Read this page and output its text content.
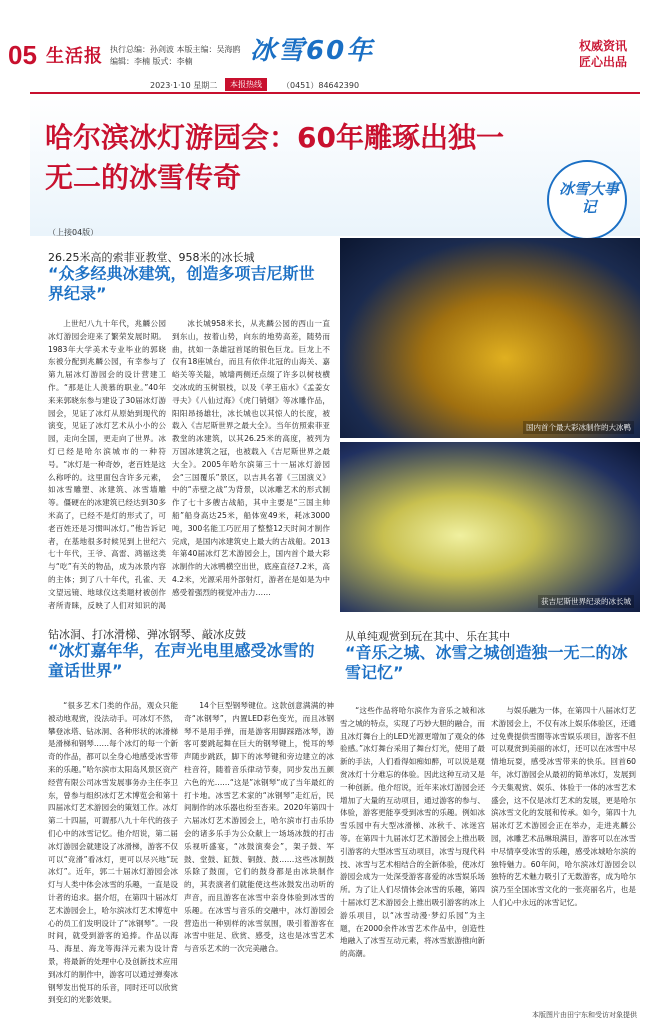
05 生活报 执行总编：孙剑波 本版主编：吴海鸥
编辑：李楠 版式：李楠	冰雪60年	权威资讯
匠心出品
2023·1·10 星期二	本报热线	（0451）84642390
哈尔滨冰灯游园会：60年雕琢出独一无二的冰雪传奇	冰雪大事记
（上接04版）
26.25米高的索菲亚教堂、958米的冰长城
“众多经典冰建筑，创造多项吉尼斯世界纪录”
上世纪八九十年代，兆麟公园冰灯游园会迎来了繁荣发展时期。1983年大学美术专业毕业的郭晓东被分配到兆麟公园，有幸参与了第九届冰灯游园会的设计营建工作。“那是让人羡慕的职业。”40年来来郭晓东参与建设了30届冰灯游园会，见证了冰灯从原始到现代的演变，见证了冰灯艺术从小小的公园，走向全国，更走向了世界。冰灯已经是哈尔滨城市的一种符号。“冰灯是一种奇妙，老百姓是这么称呼的。这里面包含许多元素，如冰雪雕塑、冰建筑、冰雪墙雕等。僵硬在的冰建筑已经达到30多米高了，已经不是灯的形式了，可老百姓还是习惯叫冰灯。”他告诉记者，在基地很多时候见到上世纪六七十年代，王爷、高雷、鸿福这类与“吃”有关的物品，成为冰景内容的主体；到了八十年代，孔雀、天文望远镜、地球仪这类题材被创作者所青睐，反映了人们对知识的渴
冰长城958米长，从兆麟公园的西山一直到东山，按着山势，向东的地势高差，随势而曲，扰如一条雄冠首尾的银色巨龙。巨龙上不仅有18座城台，而且有依伴北冠的山海关、嘉峪关等关隘，城墙两侧还点缀了许多以树枝横交冰成的玉树银枝，以及《孝王庙水》《孟姜女寻夫》《八仙过海》《虎门销烟》等冰雕作品，阳阳昂扬雄壮，冰长城也以其惊人的长度，被载入《吉尼斯世界之最大全》。当年仿照索菲亚教堂的冰建筑，以其26.25米的高度，被列为万国冰建筑之冠，也被载入《吉尼斯世界之最大全》。2005年哈尔滨第三十一届冰灯游园会“三国覆乐”景区，以吉具名著《三国演义》中的“赤壁之战”为背景，以冰雕艺术的形式制作了七十多艘古战船，其中主要是“三国主帅船”船身高达25米，船体宽49米，耗冰3000吨，300名能工巧匠用了整整12天时间才制作完成，是国内冰建筑史上最大的古战船。2013年第40届冰灯艺术游园会上，国内首个最大彩冰制作的大冰鸭横空出世，底座直径7.2米，高4.2米，光源采用外部射灯，游者在是如是为中感受着强烈的视觉冲击力……
国内首个最大彩冰制作的大冰鸭
获吉尼斯世界纪录的冰长城
钻冰洞、打冰滑梯、弹冰钢琴、敲冰皮鼓
“冰灯嘉年华，在声光电里感受冰雪的童话世界”
从单纯观赏到玩在其中、乐在其中
“音乐之城、冰雪之城创造独一无二的冰雪记忆”
“很多艺术门类的作品，观众只能被动地观赏，没法动手。可冰灯不然，攀登冰塔、钻冰洞、各种形状的冰滑梯是滑梯和钢琴……每个冰灯的每一个新奇的作品，都可以全身心地感受冰雪带来的乐趣。”哈尔滨市太阳岛风景区资产经营有限公司冰雪发展事务办主任李卫东，曾参与组织冰灯艺术博览会和第十四届冰灯艺术游园会的策划工作。冰灯第二十四届，可谓那八九十年代的孩子们心中的冰雪记忆。他介绍说，第二届冰灯游园会就建设了冰滑梯，游客不仅可以“竞滑”看冰灯，更可以尽兴地“玩冰灯”。近年，郭二十届冰灯游园会冰灯与人类中体会冰雪的乐趣，一直是设计者的追求。据介绍，在第四十届冰灯艺术游园会上，哈尔滨冰灯艺术博览中心的员工们发明设计了“冰钢琴”。一段时间，就受到游客的追捧。作品以海马、海星、海龙等海洋元素为设计背景，将最新的处理中心及创新技术应用到冰灯的制作中，游客可以通过弹奏冰钢琴发出悦耳的乐音，同时还可以欣赏到变幻的光影效果。
14个巨型钢琴键位。这款创意满满的神奇“冰钢琴”，内置LED彩色变光，而且冰钢琴不是用手弹，而是游客用脚踩踏冰琴，游客可要跳起舞在巨大的钢琴键上，悦耳的琴声随步跳跃，脚下的冰琴键和旁边建立的冰柱音符，随着音乐律动节奏，同步发出五颜六色的光……“这是”冰钢琴“成了当年最红的打卡地。冰雪艺术家的“冰钢琴”走红后，民间制作的冰乐器也纷至沓来。2020年第四十六届冰灯艺术游园会上，哈尔滨市打击乐协会的诸多乐手为公众献上一场场冰鼓的打击乐视听盛宴，“冰鼓演奏会”，架子鼓、军鼓、堂鼓、缸鼓、铜鼓、鼓……这些冰制鼓乐除了鼓面，它们的鼓身都是由冰块制作的，其表演者们就能使这些冰鼓发出动听的声音，而且游客在冰雪中亲身体验到冰雪的乐趣。在冰雪与音乐的交融中，冰灯游园会营造出一种别样的冰雪氛围，吸引着游客在冰雪中驻足、欣赏、感受，这也是冰雪艺术与音乐艺术的一次完美融合。
“这些作品将哈尔滨作为音乐之城和冰雪之城的特点，实现了巧妙大胆的融合，而且冰灯舞台上的LED光源更增加了观众的体验感。”冰灯舞台采用了舞台灯光，使用了最新的手法，人们看得如痴如醉，可以说是观赏冰灯十分难忘的体验。因此这种互动又是一种创新。他介绍说，近年来冰灯游园会还增加了大量的互动项目，通过游客的参与、体验，游客更能享受到冰雪的乐趣。例如冰雪乐园中有大型冰滑梯、冰秋千、冰迷宫等。在第四十九届冰灯艺术游园会上推出吸引游客的大型冰雪互动项目，冰雪与现代科技、冰雪与艺术相结合的全新体验，使冰灯游园会成为一处深受游客喜爱的冰雪娱乐场所。为了让人们尽情体会冰雪的乐趣，第四十届冰灯艺术游园会上推出吸引游客的冰上游乐项目，以“冰雪动漫·梦幻乐园”为主题，在2000余件冰雪艺术作品中，创造性地融入了冰雪互动元素，将冰雪旅游推向新的高潮。
与娱乐融为一体，在第四十八届冰灯艺术游园会上，不仅有冰上娱乐体验区，还通过免费提供雪圈等冰雪娱乐项目，游客不但可以观赏到美丽的冰灯，还可以在冰雪中尽情地玩耍，感受冰雪带来的快乐。回首60年，冰灯游园会从最初的简单冰灯，发展到今天集观赏、娱乐、体验于一体的冰雪艺术盛会，这不仅是冰灯艺术的发展，更是哈尔滨冰雪文化的发展和传承。如今，第四十九届冰灯艺术游园会正在举办，走进兆麟公园，冰雕艺术品琳琅满目，游客可以在冰雪中尽情享受冰雪的乐趣，感受冰城哈尔滨的独特魅力。60年间，哈尔滨冰灯游园会以独特的艺术魅力吸引了无数游客，成为哈尔滨乃至全国冰雪文化的一张亮丽名片，也是人们心中永远的冰雪记忆。
本版图片由田宁东和受访对象提供
